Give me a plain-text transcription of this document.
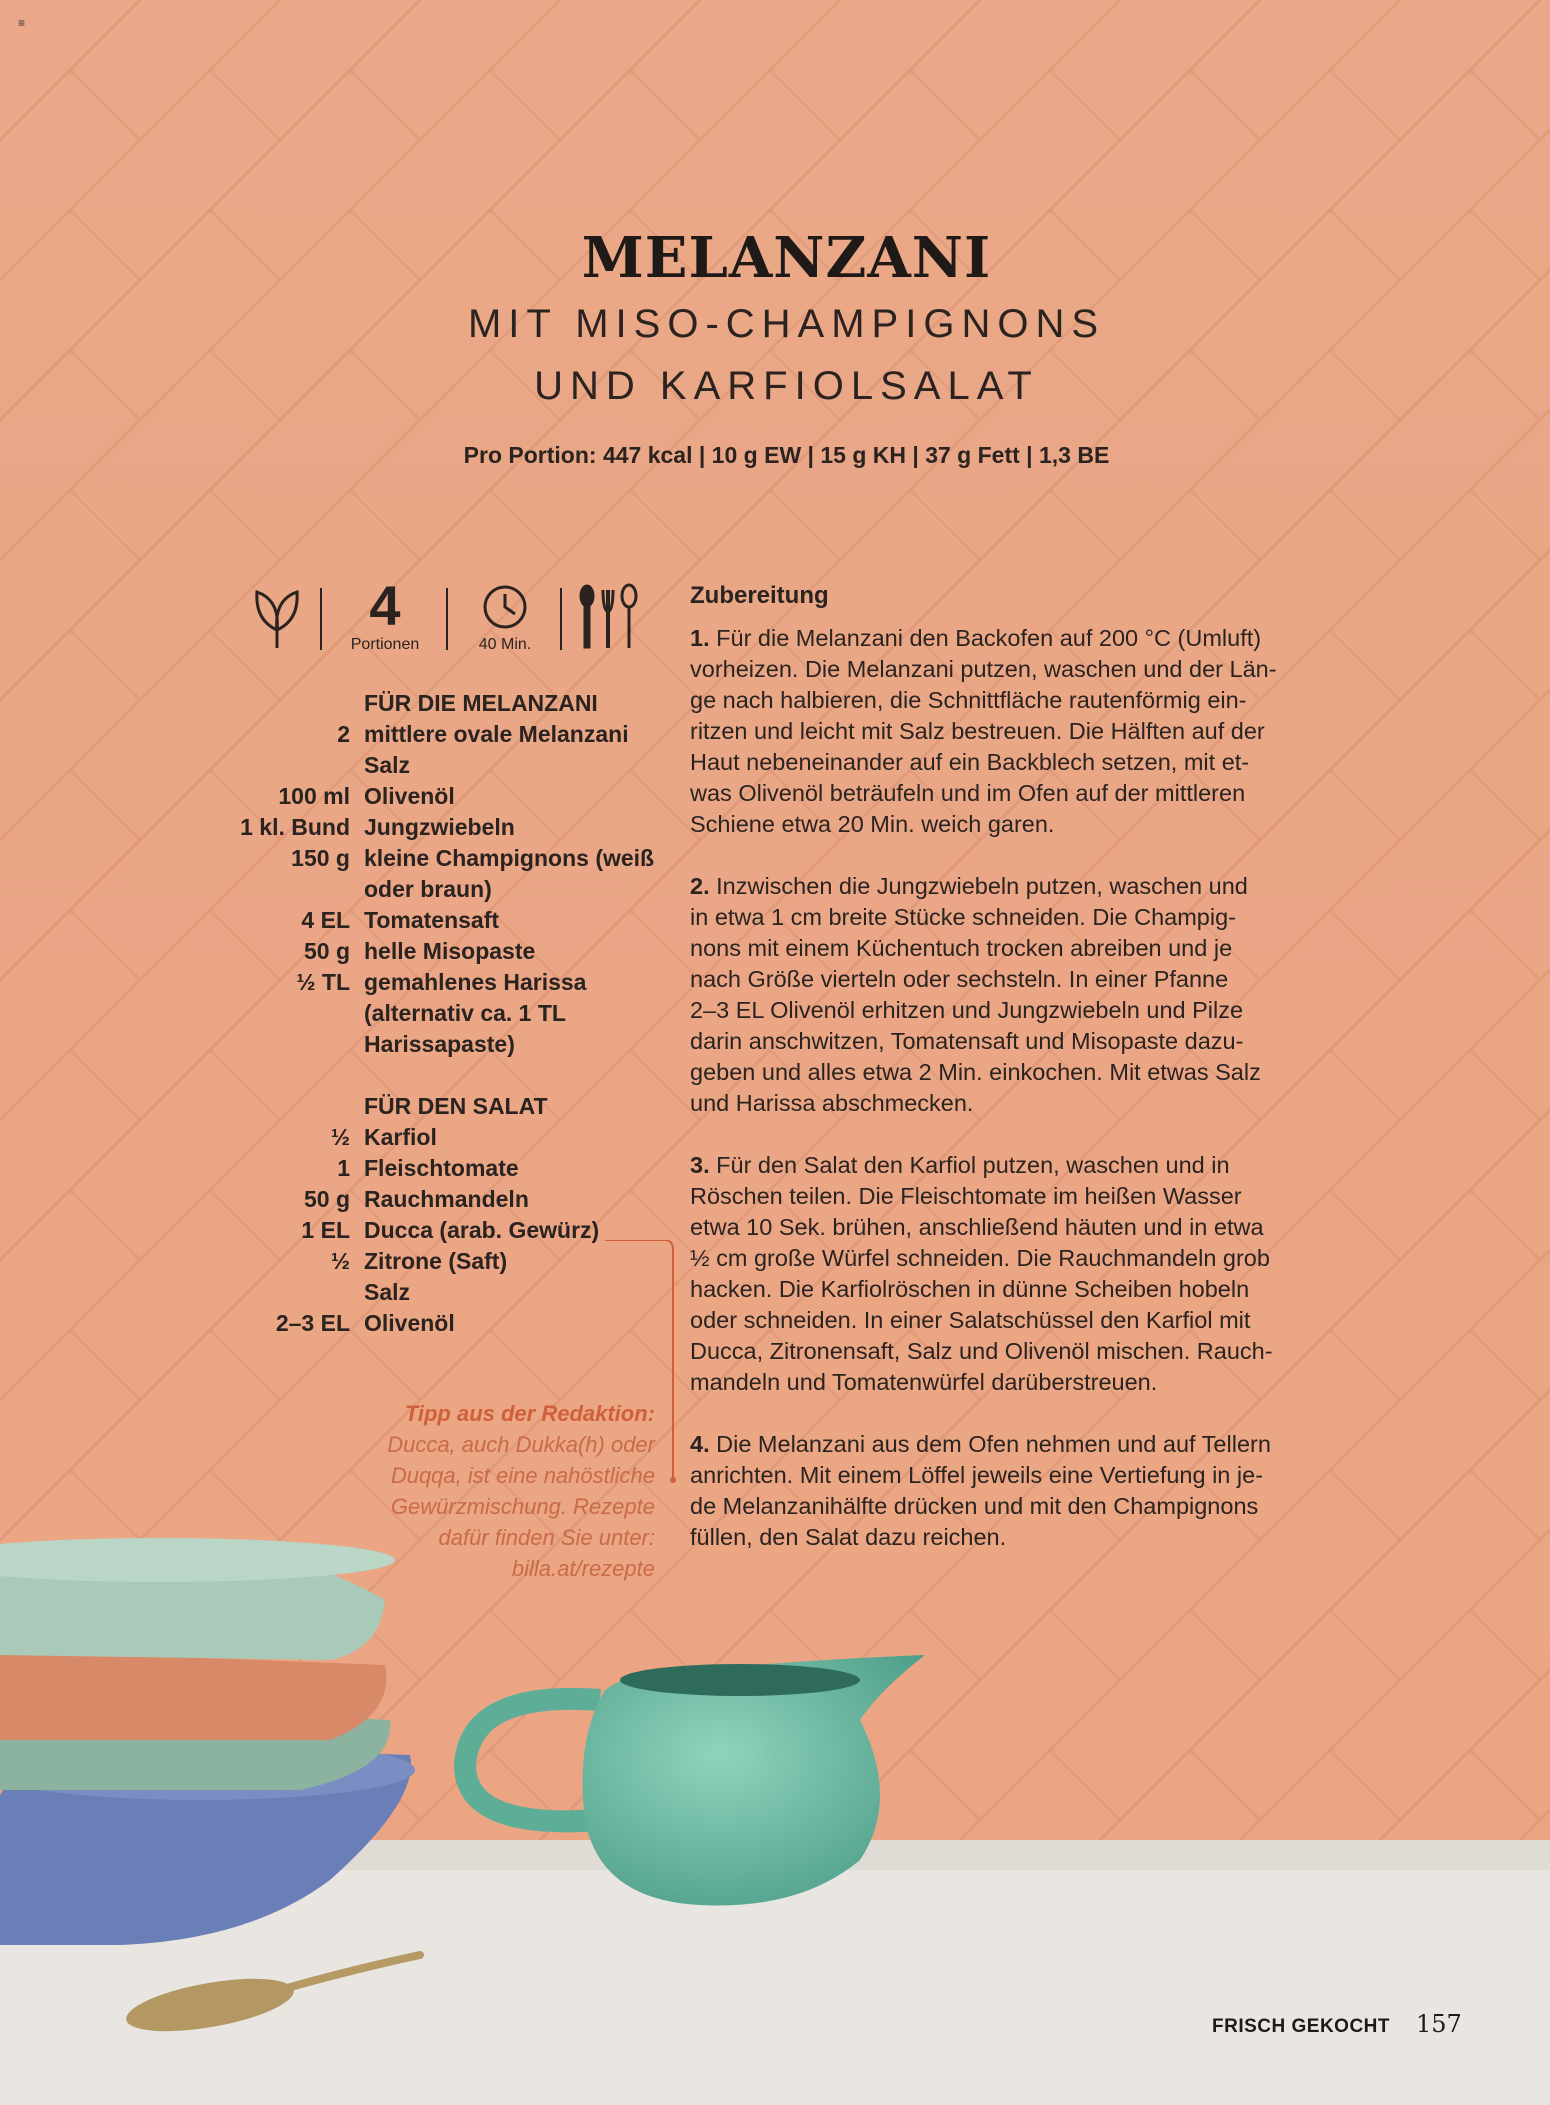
≡
MELANZANI
MIT MISO-CHAMPIGNONS
UND KARFIOLSALAT
Pro Portion: 447 kcal | 10 g EW | 15 g KH | 37 g Fett | 1,3 BE
4
Portionen	40 Min.
FÜR DIE MELANZANI
2 mittlere ovale Melanzani
Salz
100 ml Olivenöl
1 kl. Bund Jungzwiebeln
150 g kleine Champignons (weiß
oder braun)
4 EL Tomatensaft
50 g helle Misopaste
½ TL gemahlenes Harissa
(alternativ ca. 1 TL
Harissapaste)
FÜR DEN SALAT
½ Karfiol
1 Fleischtomate
50 g Rauchmandeln
1 EL Ducca (arab. Gewürz)
½ Zitrone (Saft)
Salz
2–3 EL Olivenöl
Tipp aus der Redaktion:
Ducca, auch Dukka(h) oder
Duqqa, ist eine nahöstliche
Gewürzmischung. Rezepte
dafür finden Sie unter:
billa.at/rezepte
Zubereitung
1. Für die Melanzani den Backofen auf 200 °C (Umluft)
vorheizen. Die Melanzani putzen, waschen und der Län-
ge nach halbieren, die Schnittfläche rautenförmig ein-
ritzen und leicht mit Salz bestreuen. Die Hälften auf der
Haut nebeneinander auf ein Backblech setzen, mit et-
was Olivenöl beträufeln und im Ofen auf der mittleren
Schiene etwa 20 Min. weich garen.
2. Inzwischen die Jungzwiebeln putzen, waschen und
in etwa 1 cm breite Stücke schneiden. Die Champig-
nons mit einem Küchentuch trocken abreiben und je
nach Größe vierteln oder sechsteln. In einer Pfanne
2–3 EL Olivenöl erhitzen und Jungzwiebeln und Pilze
darin anschwitzen, Tomatensaft und Misopaste dazu-
geben und alles etwa 2 Min. einkochen. Mit etwas Salz
und Harissa abschmecken.
3. Für den Salat den Karfiol putzen, waschen und in
Röschen teilen. Die Fleischtomate im heißen Wasser
etwa 10 Sek. brühen, anschließend häuten und in etwa
½ cm große Würfel schneiden. Die Rauchmandeln grob
hacken. Die Karfiolröschen in dünne Scheiben hobeln
oder schneiden. In einer Salatschüssel den Karfiol mit
Ducca, Zitronensaft, Salz und Olivenöl mischen. Rauch-
mandeln und Tomatenwürfel darüberstreuen.
4. Die Melanzani aus dem Ofen nehmen und auf Tellern
anrichten. Mit einem Löffel jeweils eine Vertiefung in je-
de Melanzanihälfte drücken und mit den Champignons
füllen, den Salat dazu reichen.
FRISCH GEKOCHT 157
